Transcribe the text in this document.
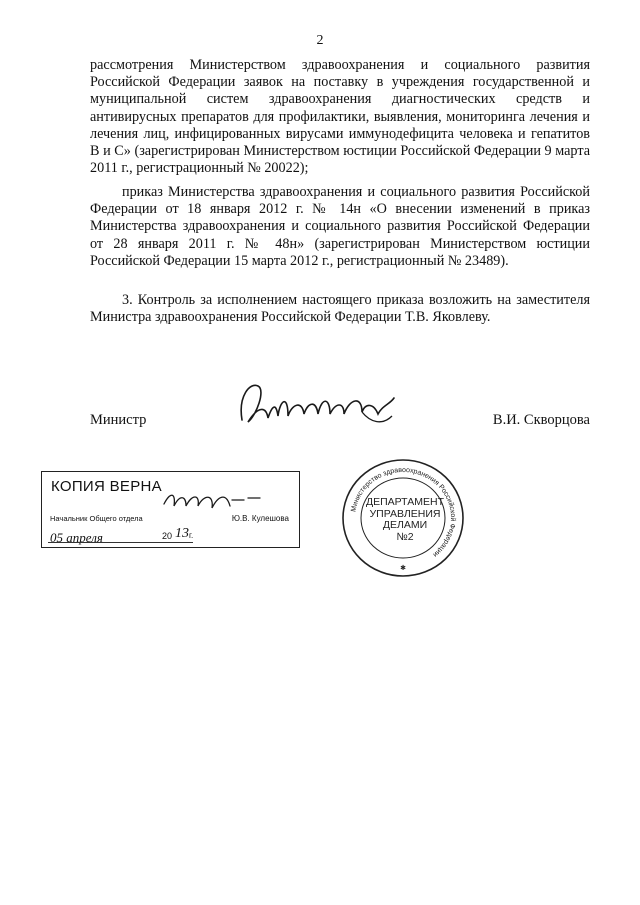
2

рассмотрения Министерством здравоохранения и социального развития Российской Федерации заявок на поставку в учреждения государственной и муниципальной систем здравоохранения диагностических средств и антивирусных препаратов для профилактики, выявления, мониторинга лечения и лечения лиц, инфицированных вирусами иммунодефицита человека и гепатитов В и С» (зарегистрирован Министерством юстиции Российской Федерации 9 марта 2011 г., регистрационный № 20022);

приказ Министерства здравоохранения и социального развития Российской Федерации от 18 января 2012 г. № 14н «О внесении изменений в приказ Министерства здравоохранения и социального развития Российской Федерации от 28 января 2011 г. № 48н» (зарегистрирован Министерством юстиции Российской Федерации 15 марта 2012 г., регистрационный № 23489).

3. Контроль за исполнением настоящего приказа возложить на заместителя Министра здравоохранения Российской Федерации Т.В. Яковлеву.

Министр	В.И. Скворцова
КОПИЯ ВЕРНА
Начальник Общего отдела	Ю.В. Кулешова
05 апреля	20 13 г.
Министерство здравоохранения Российской Федерации
✱
ДЕПАРТАМЕНТ
УПРАВЛЕНИЯ
ДЕЛАМИ
№2
